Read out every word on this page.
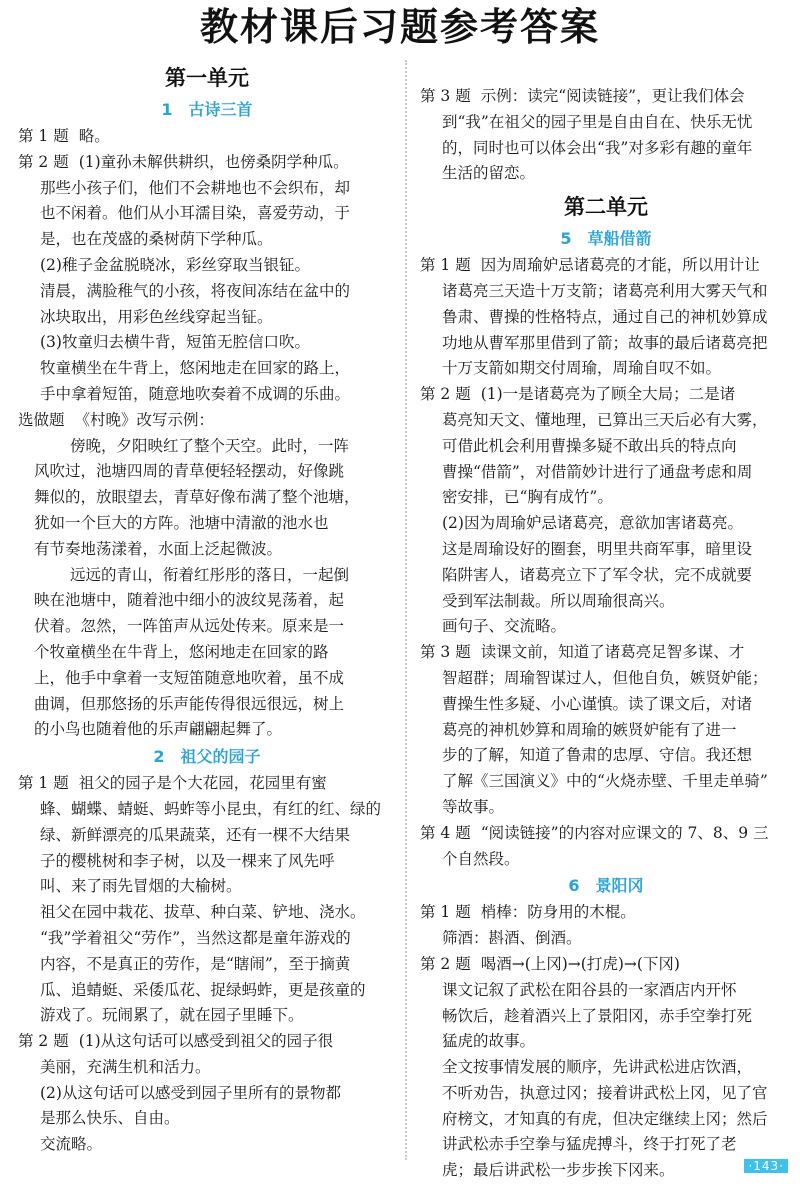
教材课后习题参考答案
第一单元
1　古诗三首
第 1 题 略。
第 2 题 (1)童孙未解供耕织，也傍桑阴学种瓜。
那些小孩子们，他们不会耕地也不会织布，却
也不闲着。他们从小耳濡目染，喜爱劳动，于
是，也在茂盛的桑树荫下学种瓜。
(2)稚子金盆脱晓冰，彩丝穿取当银钲。
清晨，满脸稚气的小孩，将夜间冻结在盆中的
冰块取出，用彩色丝线穿起当钲。
(3)牧童归去横牛背，短笛无腔信口吹。
牧童横坐在牛背上，悠闲地走在回家的路上，
手中拿着短笛，随意地吹奏着不成调的乐曲。
选做题 《村晚》改写示例：
傍晚，夕阳映红了整个天空。此时，一阵
风吹过，池塘四周的青草便轻轻摆动，好像跳
舞似的，放眼望去，青草好像布满了整个池塘，
犹如一个巨大的方阵。池塘中清澈的池水也
有节奏地荡漾着，水面上泛起微波。
远远的青山，衔着红彤彤的落日，一起倒
映在池塘中，随着池中细小的波纹晃荡着，起
伏着。忽然，一阵笛声从远处传来。原来是一
个牧童横坐在牛背上，悠闲地走在回家的路
上，他手中拿着一支短笛随意地吹着，虽不成
曲调，但那悠扬的乐声能传得很远很远，树上
的小鸟也随着他的乐声翩翩起舞了。
2　祖父的园子
第 1 题 祖父的园子是个大花园，花园里有蜜
蜂、蝴蝶、蜻蜓、蚂蚱等小昆虫，有红的红、绿的
绿、新鲜漂亮的瓜果蔬菜，还有一棵不大结果
子的樱桃树和李子树，以及一棵来了风先呼
叫、来了雨先冒烟的大榆树。
祖父在园中栽花、拔草、种白菜、铲地、浇水。
“我”学着祖父“劳作”，当然这都是童年游戏的
内容，不是真正的劳作，是“瞎闹”，至于摘黄
瓜、追蜻蜓、采倭瓜花、捉绿蚂蚱，更是孩童的
游戏了。玩闹累了，就在园子里睡下。
第 2 题 (1)从这句话可以感受到祖父的园子很
美丽，充满生机和活力。
(2)从这句话可以感受到园子里所有的景物都
是那么快乐、自由。
交流略。
第 3 题 示例：读完“阅读链接”，更让我们体会
到“我”在祖父的园子里是自由自在、快乐无忧
的，同时也可以体会出“我”对多彩有趣的童年
生活的留恋。
第二单元
5　草船借箭
第 1 题 因为周瑜妒忌诸葛亮的才能，所以用计让
诸葛亮三天造十万支箭；诸葛亮利用大雾天气和
鲁肃、曹操的性格特点，通过自己的神机妙算成
功地从曹军那里借到了箭；故事的最后诸葛亮把
十万支箭如期交付周瑜，周瑜自叹不如。
第 2 题 (1)一是诸葛亮为了顾全大局；二是诸
葛亮知天文、懂地理，已算出三天后必有大雾，
可借此机会利用曹操多疑不敢出兵的特点向
曹操“借箭”，对借箭妙计进行了通盘考虑和周
密安排，已“胸有成竹”。
(2)因为周瑜妒忌诸葛亮，意欲加害诸葛亮。
这是周瑜设好的圈套，明里共商军事，暗里设
陷阱害人，诸葛亮立下了军令状，完不成就要
受到军法制裁。所以周瑜很高兴。
画句子、交流略。
第 3 题 读课文前，知道了诸葛亮足智多谋、才
智超群；周瑜智谋过人，但他自负，嫉贤妒能；
曹操生性多疑、小心谨慎。读了课文后，对诸
葛亮的神机妙算和周瑜的嫉贤妒能有了进一
步的了解，知道了鲁肃的忠厚、守信。我还想
了解《三国演义》中的“火烧赤壁、千里走单骑”
等故事。
第 4 题 “阅读链接”的内容对应课文的 7、8、9 三
个自然段。
6　景阳冈
第 1 题 梢棒：防身用的木棍。
筛酒：斟酒、倒酒。
第 2 题 喝酒→(上冈)→(打虎)→(下冈)
课文记叙了武松在阳谷县的一家酒店内开怀
畅饮后，趁着酒兴上了景阳冈，赤手空拳打死
猛虎的故事。
全文按事情发展的顺序，先讲武松进店饮酒，
不听劝告，执意过冈；接着讲武松上冈，见了官
府榜文，才知真的有虎，但决定继续上冈；然后
讲武松赤手空拳与猛虎搏斗，终于打死了老
虎；最后讲武松一步步挨下冈来。	·143·
